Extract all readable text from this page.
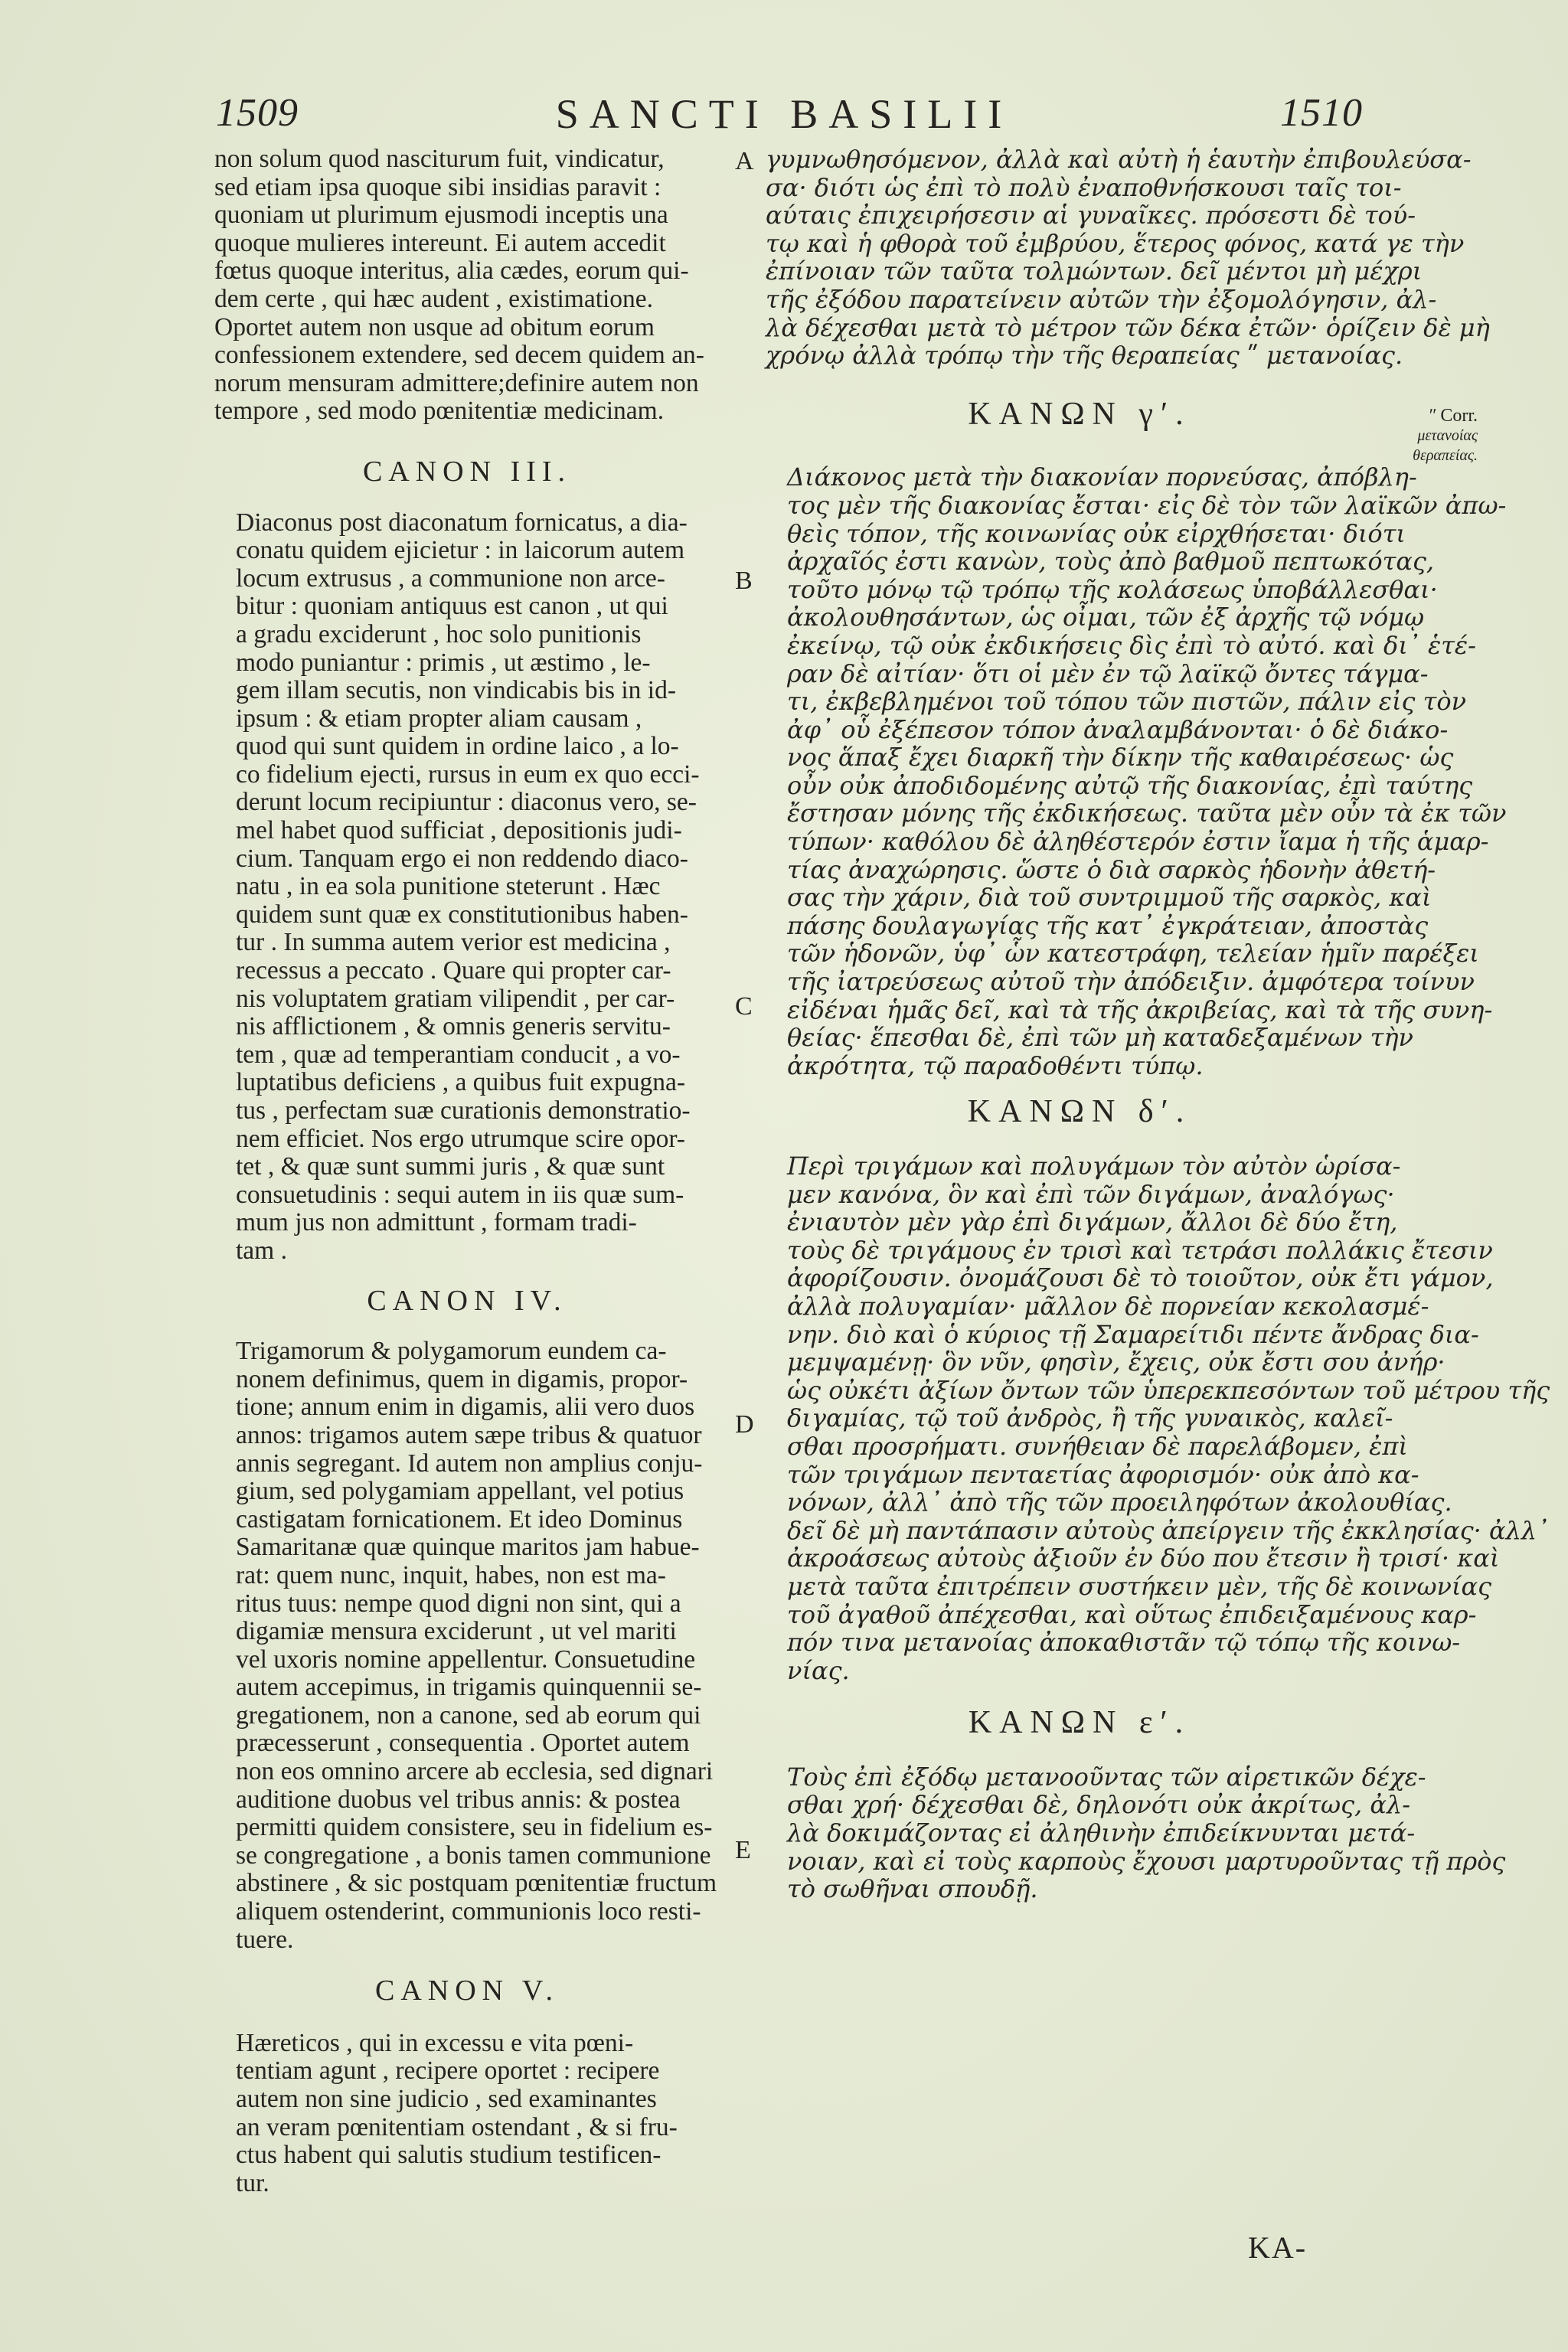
1509	SANCTI BASILII	1510
non solum quod nasciturum fuit, vindicatur,
sed etiam ipsa quoque sibi insidias paravit :
quoniam ut plurimum ejusmodi inceptis una
quoque mulieres intereunt. Ei autem accedit
fœtus quoque interitus, alia cædes, eorum qui-
dem certe , qui hæc audent , existimatione.
Oportet autem non usque ad obitum eorum
confessionem extendere, sed decem quidem an-
norum mensuram admittere;definire autem non
tempore , sed modo pœnitentiæ medicinam.
CANON III.
Diaconus post diaconatum fornicatus, a dia-
conatu quidem ejicietur : in laicorum autem
locum extrusus , a communione non arce-
bitur : quoniam antiquus est canon , ut qui
a gradu exciderunt , hoc solo punitionis
modo puniantur : primis , ut æstimo , le-
gem illam secutis, non vindicabis bis in id-
ipsum : & etiam propter aliam causam ,
quod qui sunt quidem in ordine laico , a lo-
co fidelium ejecti, rursus in eum ex quo ecci-
derunt locum recipiuntur : diaconus vero, se-
mel habet quod sufficiat , depositionis judi-
cium. Tanquam ergo ei non reddendo diaco-
natu , in ea sola punitione steterunt . Hæc
quidem sunt quæ ex constitutionibus haben-
tur . In summa autem verior est medicina ,
recessus a peccato . Quare qui propter car-
nis voluptatem gratiam vilipendit , per car-
nis afflictionem , & omnis generis servitu-
tem , quæ ad temperantiam conducit , a vo-
luptatibus deficiens , a quibus fuit expugna-
tus , perfectam suæ curationis demonstratio-
nem efficiet. Nos ergo utrumque scire opor-
tet , & quæ sunt summi juris , & quæ sunt
consuetudinis : sequi autem in iis quæ sum-
mum jus non admittunt , formam tradi-
tam .
CANON IV.
Trigamorum & polygamorum eundem ca-
nonem definimus, quem in digamis, propor-
tione; annum enim in digamis, alii vero duos
annos: trigamos autem sæpe tribus & quatuor
annis segregant. Id autem non amplius conju-
gium, sed polygamiam appellant, vel potius
castigatam fornicationem. Et ideo Dominus
Samaritanæ quæ quinque maritos jam habue-
rat: quem nunc, inquit, habes, non est ma-
ritus tuus: nempe quod digni non sint, qui a
digamiæ mensura exciderunt , ut vel mariti
vel uxoris nomine appellentur. Consuetudine
autem accepimus, in trigamis quinquennii se-
gregationem, non a canone, sed ab eorum qui
præcesserunt , consequentia . Oportet autem
non eos omnino arcere ab ecclesia, sed dignari
auditione duobus vel tribus annis: & postea
permitti quidem consistere, seu in fidelium es-
se congregatione , a bonis tamen communione
abstinere , & sic postquam pœnitentiæ fructum
aliquem ostenderint, communionis loco resti-
tuere.
CANON V.
Hæreticos , qui in excessu e vita pœni-
tentiam agunt , recipere oportet : recipere
autem non sine judicio , sed examinantes
an veram pœnitentiam ostendant , & si fru-
ctus habent qui salutis studium testificen-
tur.
A
B
C
D
E
γυμνωθησόμενον, ἀλλὰ καὶ αὐτὴ ἡ ἑαυτὴν ἐπιβουλεύσα-
σα· διότι ὡς ἐπὶ τὸ πολὺ ἐναποθνήσκουσι ταῖς τοι-
αύταις ἐπιχειρήσεσιν αἱ γυναῖκες. πρόσεστι δὲ τού-
τῳ καὶ ἡ φθορὰ τοῦ ἐμβρύου, ἕτερος φόνος, κατά γε τὴν
ἐπίνοιαν τῶν ταῦτα τολμώντων. δεῖ μέντοι μὴ μέχρι
τῆς ἐξόδου παρατείνειν αὐτῶν τὴν ἐξομολόγησιν, ἀλ-
λὰ δέχεσθαι μετὰ τὸ μέτρον τῶν δέκα ἐτῶν· ὁρίζειν δὲ μὴ
χρόνῳ ἀλλὰ τρόπῳ τὴν τῆς θεραπείας ʺ μετανοίας.
ΚΑΝΩΝ γʹ.
Διάκονος μετὰ τὴν διακονίαν πορνεύσας, ἀπόβλη-
τος μὲν τῆς διακονίας ἔσται· εἰς δὲ τὸν τῶν λαϊκῶν ἀπω-
θεὶς τόπον, τῆς κοινωνίας οὐκ εἰρχθήσεται· διότι
ἀρχαῖός ἐστι κανὼν, τοὺς ἀπὸ βαθμοῦ πεπτωκότας,
τοῦτο μόνῳ τῷ τρόπῳ τῆς κολάσεως ὑποβάλλεσθαι·
ἀκολουθησάντων, ὡς οἶμαι, τῶν ἐξ ἀρχῆς τῷ νόμῳ
ἐκείνῳ, τῷ οὐκ ἐκδικήσεις δὶς ἐπὶ τὸ αὐτό. καὶ δι᾽ ἑτέ-
ραν δὲ αἰτίαν· ὅτι οἱ μὲν ἐν τῷ λαϊκῷ ὄντες τάγμα-
τι, ἐκβεβλημένοι τοῦ τόπου τῶν πιστῶν, πάλιν εἰς τὸν
ἀφ᾽ οὗ ἐξέπεσον τόπον ἀναλαμβάνονται· ὁ δὲ διάκο-
νος ἅπαξ ἔχει διαρκῆ τὴν δίκην τῆς καθαιρέσεως· ὡς
οὖν οὐκ ἀποδιδομένης αὐτῷ τῆς διακονίας, ἐπὶ ταύτης
ἔστησαν μόνης τῆς ἐκδικήσεως. ταῦτα μὲν οὖν τὰ ἐκ τῶν
τύπων· καθόλου δὲ ἀληθέστερόν ἐστιν ἴαμα ἡ τῆς ἁμαρ-
τίας ἀναχώρησις. ὥστε ὁ διὰ σαρκὸς ἡδονὴν ἀθετή-
σας τὴν χάριν, διὰ τοῦ συντριμμοῦ τῆς σαρκὸς, καὶ
πάσης δουλαγωγίας τῆς κατ᾽ ἐγκράτειαν, ἀποστὰς
τῶν ἡδονῶν, ὑφ᾽ ὧν κατεστράφη, τελείαν ἡμῖν παρέξει
τῆς ἰατρεύσεως αὐτοῦ τὴν ἀπόδειξιν. ἀμφότερα τοίνυν
εἰδέναι ἡμᾶς δεῖ, καὶ τὰ τῆς ἀκριβείας, καὶ τὰ τῆς συνη-
θείας· ἕπεσθαι δὲ, ἐπὶ τῶν μὴ καταδεξαμένων τὴν
ἀκρότητα, τῷ παραδοθέντι τύπῳ.
ΚΑΝΩΝ δʹ.
Περὶ τριγάμων καὶ πολυγάμων τὸν αὐτὸν ὡρίσα-
μεν κανόνα, ὃν καὶ ἐπὶ τῶν διγάμων, ἀναλόγως·
ἐνιαυτὸν μὲν γὰρ ἐπὶ διγάμων, ἄλλοι δὲ δύο ἔτη,
τοὺς δὲ τριγάμους ἐν τρισὶ καὶ τετράσι πολλάκις ἔτεσιν
ἀφορίζουσιν. ὀνομάζουσι δὲ τὸ τοιοῦτον, οὐκ ἔτι γάμον,
ἀλλὰ πολυγαμίαν· μᾶλλον δὲ πορνείαν κεκολασμέ-
νην. διὸ καὶ ὁ κύριος τῇ Σαμαρείτιδι πέντε ἄνδρας δια-
μεμψαμένῃ· ὃν νῦν, φησὶν, ἔχεις, οὐκ ἔστι σου ἀνήρ·
ὡς οὐκέτι ἀξίων ὄντων τῶν ὑπερεκπεσόντων τοῦ μέτρου τῆς
διγαμίας, τῷ τοῦ ἀνδρὸς, ἢ τῆς γυναικὸς, καλεῖ-
σθαι προσρήματι. συνήθειαν δὲ παρελάβομεν, ἐπὶ
τῶν τριγάμων πενταετίας ἀφορισμόν· οὐκ ἀπὸ κα-
νόνων, ἀλλ᾽ ἀπὸ τῆς τῶν προειληφότων ἀκολουθίας.
δεῖ δὲ μὴ παντάπασιν αὐτοὺς ἀπείργειν τῆς ἐκκλησίας· ἀλλ᾽
ἀκροάσεως αὐτοὺς ἀξιοῦν ἐν δύο που ἔτεσιν ἢ τρισί· καὶ
μετὰ ταῦτα ἐπιτρέπειν συστήκειν μὲν, τῆς δὲ κοινωνίας
τοῦ ἀγαθοῦ ἀπέχεσθαι, καὶ οὕτως ἐπιδειξαμένους καρ-
πόν τινα μετανοίας ἀποκαθιστᾶν τῷ τόπῳ τῆς κοινω-
νίας.
ΚΑΝΩΝ εʹ.
Τοὺς ἐπὶ ἐξόδῳ μετανοοῦντας τῶν αἱρετικῶν δέχε-
σθαι χρή· δέχεσθαι δὲ, δηλονότι οὐκ ἀκρίτως, ἀλ-
λὰ δοκιμάζοντας εἰ ἀληθινὴν ἐπιδείκνυνται μετά-
νοιαν, καὶ εἰ τοὺς καρποὺς ἔχουσι μαρτυροῦντας τῇ πρὸς
τὸ σωθῆναι σπουδῇ.
ʺ Corr.
μετανοίας
θεραπείας.
ΚΑ-
